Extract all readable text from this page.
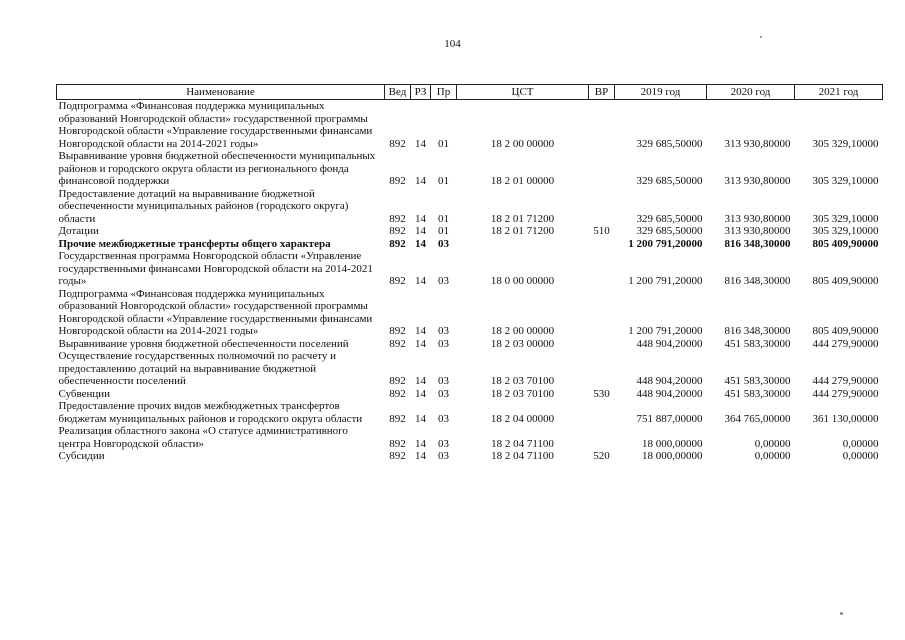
104
Наименование	Вед	РЗ	Пр	ЦСТ	ВР	2019 год	2020 год	2021 год
Подпрограмма «Финансовая поддержка муниципальных образований Новгородской области» государственной программы Новгородской области «Управление государственными финансами Новгородской области на 2014-2021 годы»	892	14	01	18 2 00 00000		329 685,50000	313 930,80000	305 329,10000
Выравнивание уровня бюджетной обеспеченности муниципальных районов и городского округа области из регионального фонда финансовой поддержки	892	14	01	18 2 01 00000		329 685,50000	313 930,80000	305 329,10000
Предоставление дотаций на выравнивание бюджетной обеспеченности муниципальных районов (городского округа) области	892	14	01	18 2 01 71200		329 685,50000	313 930,80000	305 329,10000
Дотации	892	14	01	18 2 01 71200	510	329 685,50000	313 930,80000	305 329,10000
Прочие межбюджетные трансферты общего характера	892	14	03			1 200 791,20000	816 348,30000	805 409,90000
Государственная программа Новгородской области «Управление государственными финансами Новгородской области на 2014-2021 годы»	892	14	03	18 0 00 00000		1 200 791,20000	816 348,30000	805 409,90000
Подпрограмма «Финансовая поддержка муниципальных образований Новгородской области» государственной программы Новгородской области «Управление государственными финансами Новгородской области на 2014-2021 годы»	892	14	03	18 2 00 00000		1 200 791,20000	816 348,30000	805 409,90000
Выравнивание уровня бюджетной обеспеченности поселений	892	14	03	18 2 03 00000		448 904,20000	451 583,30000	444 279,90000
Осуществление государственных полномочий по расчету и предоставлению дотаций на выравнивание бюджетной обеспеченности поселений	892	14	03	18 2 03 70100		448 904,20000	451 583,30000	444 279,90000
Субвенции	892	14	03	18 2 03 70100	530	448 904,20000	451 583,30000	444 279,90000
Предоставление прочих видов межбюджетных трансфертов бюджетам муниципальных районов и городского округа области	892	14	03	18 2 04 00000		751 887,00000	364 765,00000	361 130,00000
Реализация областного закона «О статусе административного центра Новгородской области»	892	14	03	18 2 04 71100		18 000,00000	0,00000	0,00000
Субсидии	892	14	03	18 2 04 71100	520	18 000,00000	0,00000	0,00000
